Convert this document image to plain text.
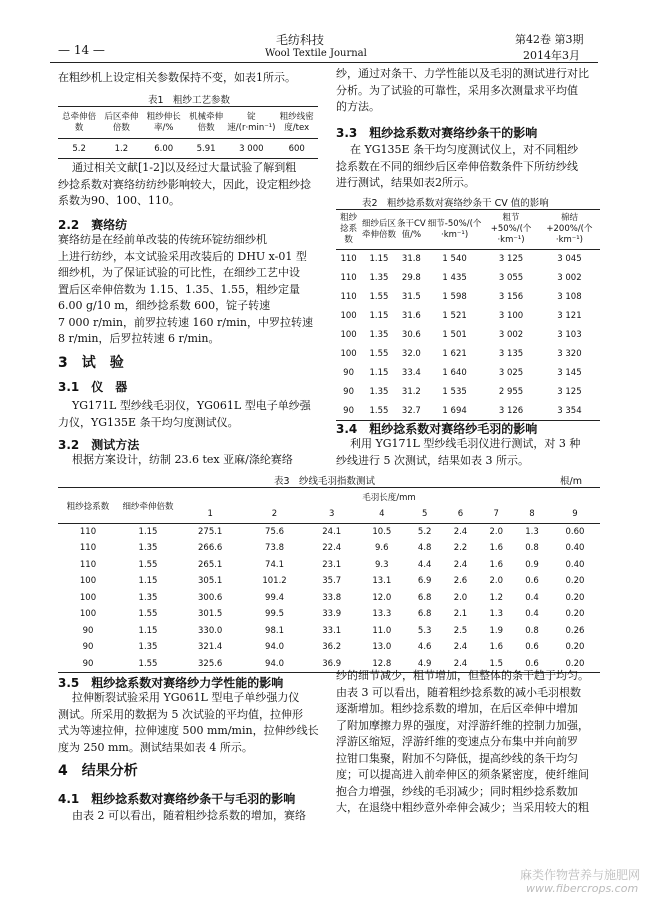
毛纺科技
Wool Textile Journal
— 14 —
第42卷 第3期
2014年3月
在粗纱机上设定相关参数保持不变，如表1所示。
表1　粗纱工艺参数
总牵伸倍数	后区牵伸倍数	粗纱伸长率/%	机械牵伸倍数	锭速/(r·min⁻¹)	粗纱线密度/tex
5.2	1.2	6.00	5.91	3 000	600
通过相关文献[1-2]以及经过大量试验了解到粗
纱捻系数对赛络纺纺纱影响较大，因此，设定粗纱捻
系数为90、100、110。
2.2　赛络纺
赛络纺是在经前单改装的传统环锭纺细纱机
上进行纺纱，本文试验采用改装后的 DHU x-01 型
细纱机，为了保证试验的可比性，在细纱工艺中设
置后区牵伸倍数为 1.15、1.35、1.55，粗纱定量
6.00 g/10 m，细纱捻系数 600，锭子转速
7 000 r/min，前罗拉转速 160 r/min，中罗拉转速
8 r/min，后罗拉转速 6 r/min。
3　试　验
3.1　仪　器
YG171L 型纱线毛羽仪，YG061L 型电子单纱强
力仪，YG135E 条干均匀度测试仪。
3.2　测试方法
根据方案设计，纺制 23.6 tex 亚麻/涤纶赛络
纱，通过对条干、力学性能以及毛羽的测试进行对比
分析。为了试验的可靠性，采用多次测量求平均值
的方法。
3.3　粗纱捻系数对赛络纱条干的影响
在 YG135E 条干均匀度测试仪上，对不同粗纱
捻系数在不同的细纱后区牵伸倍数条件下所纺纱线
进行测试，结果如表2所示。
表2　粗纱捻系数对赛络纱条干 CV 值的影响
粗纱捻系数	细纱后区牵伸倍数	条干CV值/%	细节-50%/(个·km⁻¹)	粗节+50%/(个·km⁻¹)	棉结+200%/(个·km⁻¹)
110	1.15	31.8	1 540	3 125	3 045
110	1.35	29.8	1 435	3 055	3 002
110	1.55	31.5	1 598	3 156	3 108
100	1.15	31.6	1 521	3 100	3 121
100	1.35	30.6	1 501	3 002	3 103
100	1.55	32.0	1 621	3 135	3 320
90	1.15	33.4	1 640	3 025	3 145
90	1.35	31.2	1 535	2 955	3 125
90	1.55	32.7	1 694	3 126	3 354
3.4　粗纱捻系数对赛络纱毛羽的影响
利用 YG171L 型纱线毛羽仪进行测试，对 3 种
纱线进行 5 次测试，结果如表 3 所示。
表3　纱线毛羽指数测试	根/m
粗纱捻系数	细纱牵伸倍数	毛羽长度/mm								
		1	2	3	4	5	6	7	8	9
110	1.15	275.1	75.6	24.1	10.5	5.2	2.4	2.0	1.3	0.60
110	1.35	266.6	73.8	22.4	9.6	4.8	2.2	1.6	0.8	0.40
110	1.55	265.1	74.1	23.1	9.3	4.4	2.4	1.6	0.9	0.40
100	1.15	305.1	101.2	35.7	13.1	6.9	2.6	2.0	0.6	0.20
100	1.35	300.6	99.4	33.8	12.0	6.8	2.0	1.2	0.4	0.20
100	1.55	301.5	99.5	33.9	13.3	6.8	2.1	1.3	0.4	0.20
90	1.15	330.0	98.1	33.1	11.0	5.3	2.5	1.9	0.8	0.26
90	1.35	321.4	94.0	36.2	13.0	4.6	2.4	1.6	0.6	0.20
90	1.55	325.6	94.0	36.9	12.8	4.9	2.4	1.5	0.6	0.20
3.5　粗纱捻系数对赛络纱力学性能的影响
拉伸断裂试验采用 YG061L 型电子单纱强力仪
测试。所采用的数据为 5 次试验的平均值，拉伸形
式为等速拉伸，拉伸速度 500 mm/min，拉伸纱线长
度为 250 mm。测试结果如表 4 所示。
4　结果分析
4.1　粗纱捻系数对赛络纱条干与毛羽的影响
由表 2 可以看出，随着粗纱捻系数的增加，赛络
纱的细节减少，粗节增加，但整体的条干趋于均匀。
由表 3 可以看出，随着粗纱捻系数的减小毛羽根数
逐渐增加。粗纱捻系数的增加，在后区牵伸中增加
了附加摩擦力界的强度，对浮游纤维的控制力加强，
浮游区缩短，浮游纤维的变速点分布集中并向前罗
拉钳口集聚，附加不匀降低，提高纱线的条干均匀
度；可以提高进入前牵伸区的须条紧密度，使纤维间
抱合力增强，纱线的毛羽减少；同时粗纱捻系数加
大，在退绕中粗纱意外牵伸会减少；当采用较大的粗
麻类作物营养与施肥网
www.fibercrops.com
